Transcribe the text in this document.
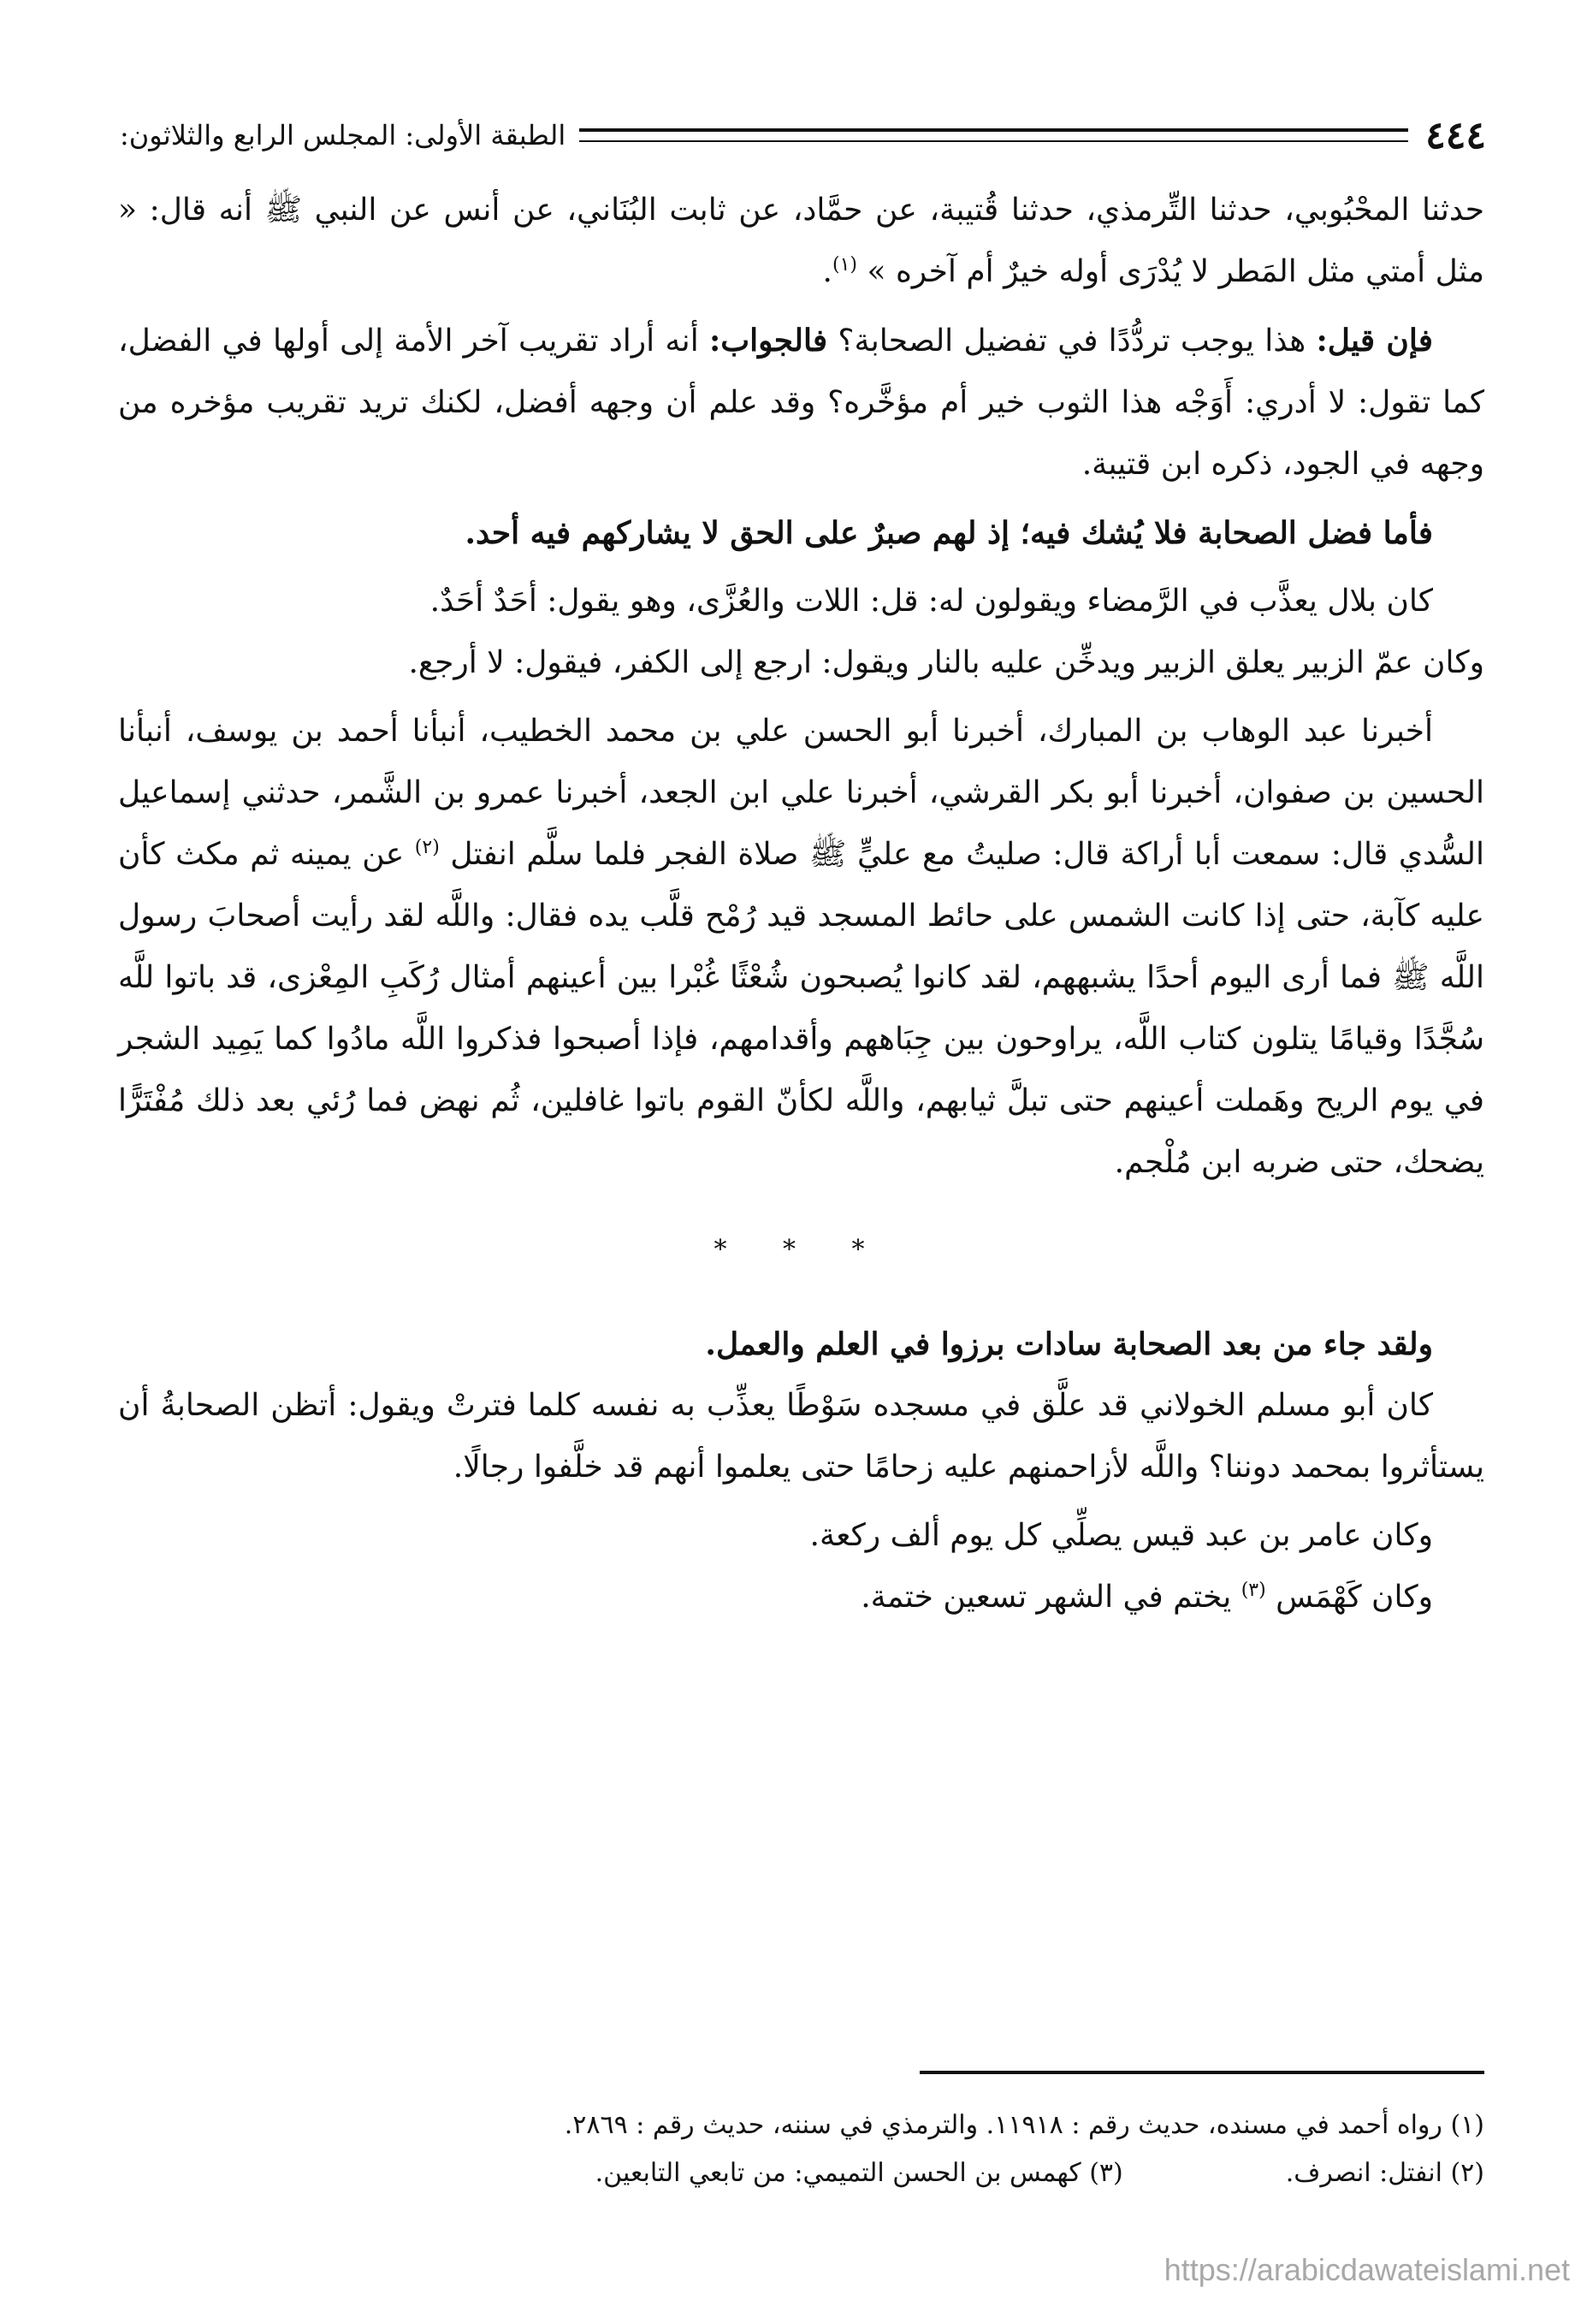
٤٤٤
الطبقة الأولى: المجلس الرابع والثلاثون:

حدثنا المحْبُوبي، حدثنا التِّرمذي، حدثنا قُتيبة، عن حمَّاد، عن ثابت البُنَاني، عن أنس عن النبي ﷺ أنه قال: « مثل أمتي مثل المَطر لا يُدْرَى أوله خيرٌ أم آخره » $^{(١)}$.

فإن قيل: هذا يوجب تردُّدًا في تفضيل الصحابة؟ فالجواب: أنه أراد تقريب آخر الأمة إلى أولها في الفضل، كما تقول: لا أدري: أَوَجْه هذا الثوب خير أم مؤخَّره؟ وقد علم أن وجهه أفضل، لكنك تريد تقريب مؤخره من وجهه في الجود، ذكره ابن قتيبة.

فأما فضل الصحابة فلا يُشك فيه؛ إذ لهم صبرٌ على الحق لا يشاركهم فيه أحد.

كان بلال يعذَّب في الرَّمضاء ويقولون له: قل: اللات والعُزَّى، وهو يقول: أحَدٌ أحَدٌ.

وكان عمّ الزبير يعلق الزبير ويدخِّن عليه بالنار ويقول: ارجع إلى الكفر، فيقول: لا أرجع.

أخبرنا عبد الوهاب بن المبارك، أخبرنا أبو الحسن علي بن محمد الخطيب، أنبأنا أحمد بن يوسف، أنبأنا الحسين بن صفوان، أخبرنا أبو بكر القرشي، أخبرنا علي ابن الجعد، أخبرنا عمرو بن الشَّمر، حدثني إسماعيل السُّدي قال: سمعت أبا أراكة قال: صليتُ مع عليٍّ ﷺ صلاة الفجر فلما سلَّم انفتل $^{(٢)}$ عن يمينه ثم مكث كأن عليه كآبة، حتى إذا كانت الشمس على حائط المسجد قيد رُمْح قلَّب يده فقال: واللَّه لقد رأيت أصحابَ رسول اللَّه ﷺ فما أرى اليوم أحدًا يشبههم، لقد كانوا يُصبحون شُعْثًا غُبْرا بين أعينهم أمثال رُكَبِ المِعْزى، قد باتوا للَّه سُجَّدًا وقيامًا يتلون كتاب اللَّه، يراوحون بين جِبَاههم وأقدامهم، فإذا أصبحوا فذكروا اللَّه مادُوا كما يَمِيد الشجر في يوم الريح وهَملت أعينهم حتى تبلَّ ثيابهم، واللَّه لكأنّ القوم باتوا غافلين، ثُم نهض فما رُئي بعد ذلك مُفْتَرًّا يضحك، حتى ضربه ابن مُلْجم.

* * *

ولقد جاء من بعد الصحابة سادات برزوا في العلم والعمل.

كان أبو مسلم الخولاني قد علَّق في مسجده سَوْطًا يعذِّب به نفسه كلما فترتْ ويقول: أتظن الصحابةُ أن يستأثروا بمحمد دوننا؟ واللَّه لأزاحمنهم عليه زحامًا حتى يعلموا أنهم قد خلَّفوا رجالًا.

وكان عامر بن عبد قيس يصلِّي كل يوم ألف ركعة.

وكان كَهْمَس $^{(٣)}$ يختم في الشهر تسعين ختمة.

(١) رواه أحمد في مسنده، حديث رقم : ١١٩١٨. والترمذي في سننه، حديث رقم : ٢٨٦٩.
(٢) انفتل: انصرف.
(٣) كهمس بن الحسن التميمي: من تابعي التابعين.
https://arabicdawateislami.net
